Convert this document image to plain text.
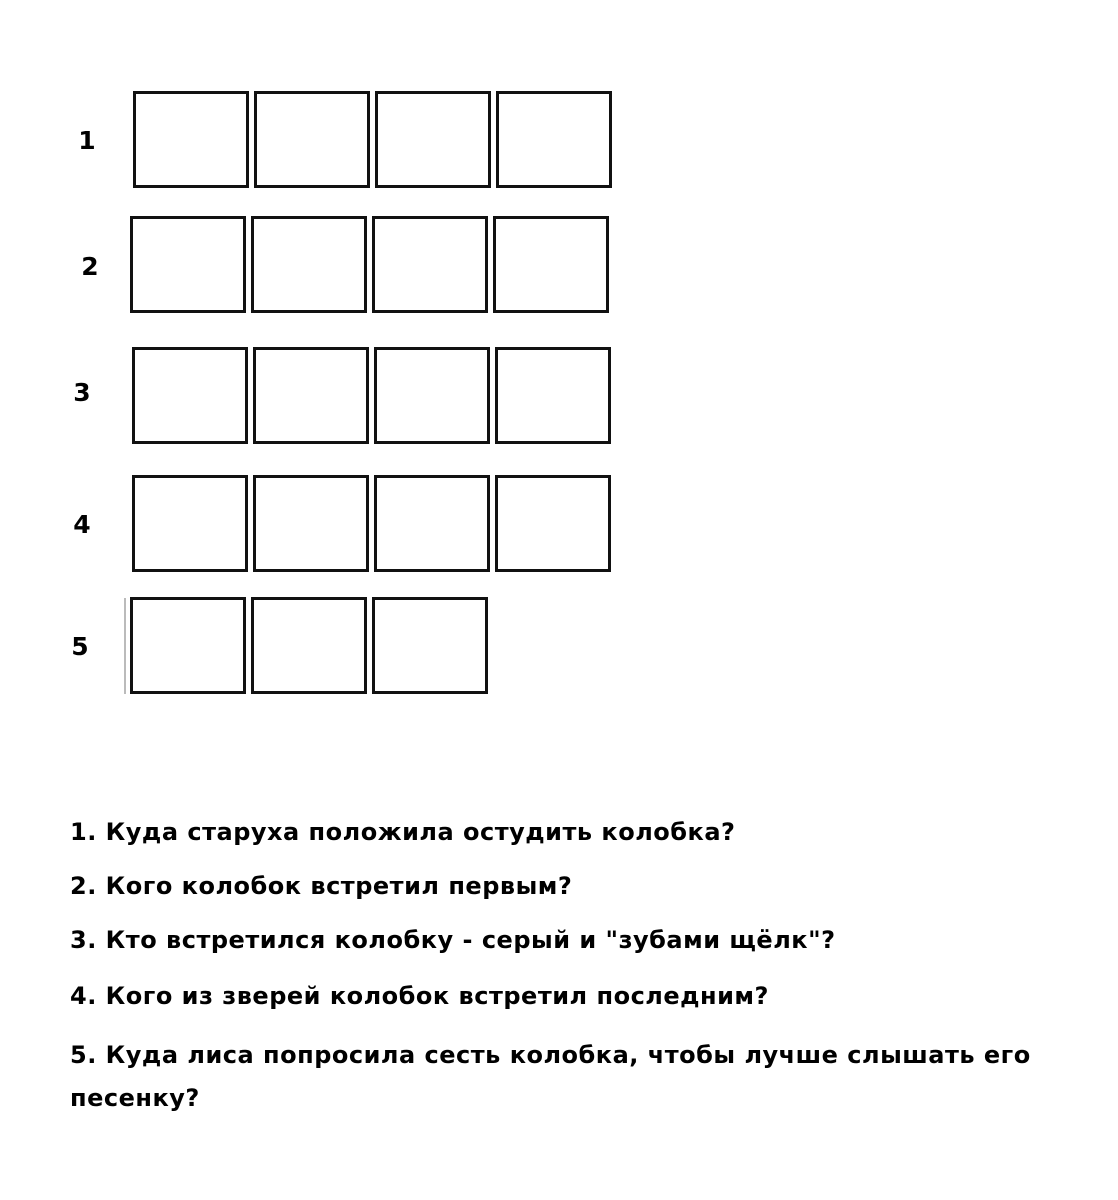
1
2
3
4
5
1. Куда старуха положила остудить колобка?
2. Кого колобок встретил первым?
3. Кто встретился колобку - серый и "зубами щёлк"?
4. Кого из зверей колобок встретил последним?
5. Куда лиса попросила сесть колобка, чтобы лучше слышать его песенку?
